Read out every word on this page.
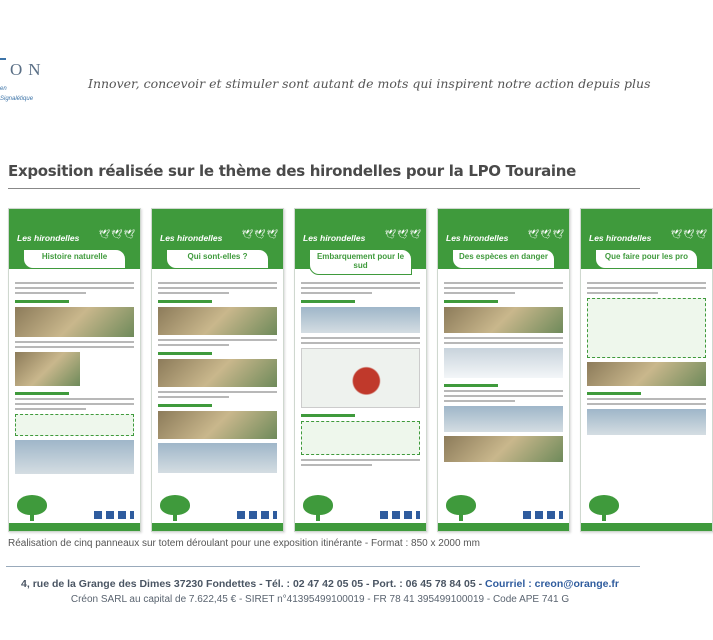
ON
en
Signalétique
Innover, concevoir et stimuler sont autant de mots qui inspirent notre action depuis plus
Exposition réalisée sur le thème des hirondelles pour la LPO Touraine
Les hirondelles 🕊🕊🕊
Histoire naturelle
Les hirondelles 🕊🕊🕊
Qui sont-elles ?
Les hirondelles 🕊🕊🕊
Embarquement pour le sud
Les hirondelles 🕊🕊🕊
Des espèces en danger
Les hirondelles 🕊🕊🕊
Que faire pour les pro
Réalisation de cinq panneaux sur totem déroulant pour une exposition itinérante - Format : 850 x 2000 mm
4, rue de la Grange des Dimes 37230 Fondettes - Tél. : 02 47 42 05 05 - Port. : 06 45 78 84 05 - Courriel : creon@orange.fr
Créon SARL au capital de 7.622,45 € - SIRET n°41395499100019 - FR 78 41 395499100019 - Code APE 741 G
